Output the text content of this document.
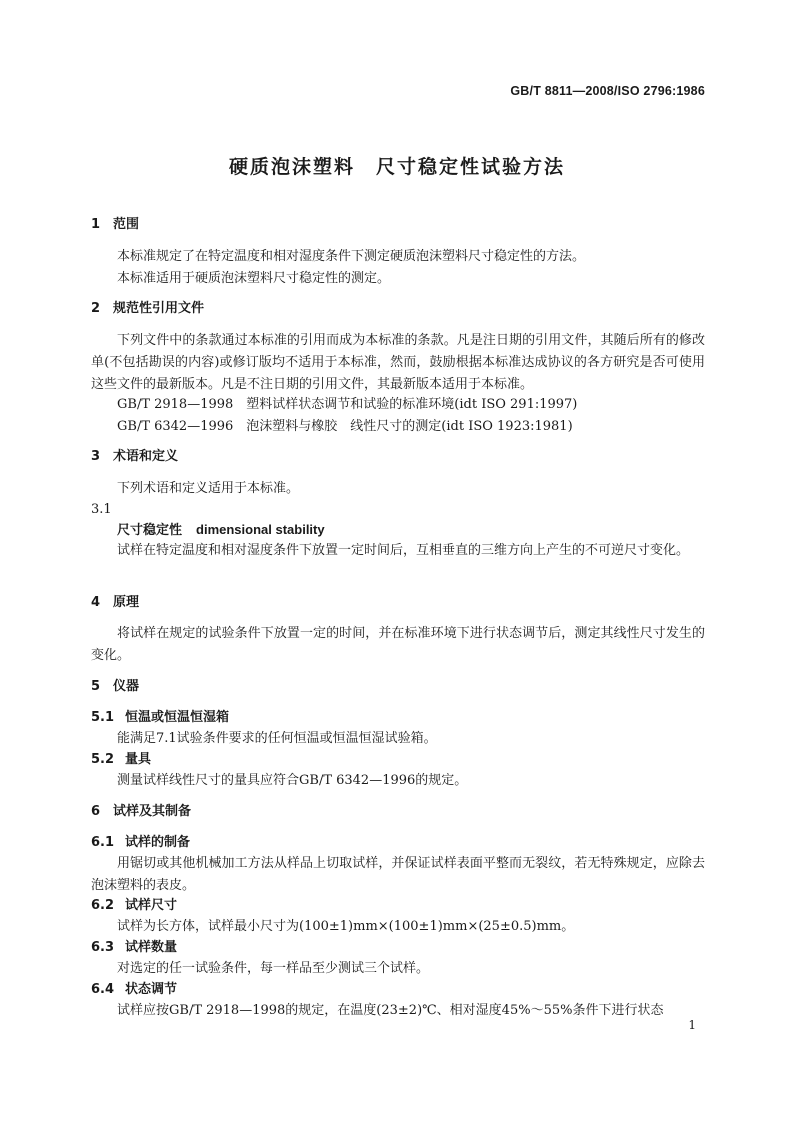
GB/T 8811—2008/ISO 2796:1986
硬质泡沫塑料　尺寸稳定性试验方法
1 范围
本标准规定了在特定温度和相对湿度条件下测定硬质泡沫塑料尺寸稳定性的方法。
本标准适用于硬质泡沫塑料尺寸稳定性的测定。
2 规范性引用文件
下列文件中的条款通过本标准的引用而成为本标准的条款。凡是注日期的引用文件，其随后所有的修改单(不包括勘误的内容)或修订版均不适用于本标准，然而，鼓励根据本标准达成协议的各方研究是否可使用这些文件的最新版本。凡是不注日期的引用文件，其最新版本适用于本标准。
GB/T 2918—1998　塑料试样状态调节和试验的标准环境(idt ISO 291:1997)
GB/T 6342—1996　泡沫塑料与橡胶　线性尺寸的测定(idt ISO 1923:1981)
3 术语和定义
下列术语和定义适用于本标准。
3.1
尺寸稳定性 dimensional stability
试样在特定温度和相对湿度条件下放置一定时间后，互相垂直的三维方向上产生的不可逆尺寸变化。
4 原理
将试样在规定的试验条件下放置一定的时间，并在标准环境下进行状态调节后，测定其线性尺寸发生的变化。
5 仪器
5.1 恒温或恒温恒湿箱
能满足7.1试验条件要求的任何恒温或恒温恒湿试验箱。
5.2 量具
测量试样线性尺寸的量具应符合GB/T 6342—1996的规定。
6 试样及其制备
6.1 试样的制备
用锯切或其他机械加工方法从样品上切取试样，并保证试样表面平整而无裂纹，若无特殊规定，应除去泡沫塑料的表皮。
6.2 试样尺寸
试样为长方体，试样最小尺寸为(100±1)mm×(100±1)mm×(25±0.5)mm。
6.3 试样数量
对选定的任一试验条件，每一样品至少测试三个试样。
6.4 状态调节
试样应按GB/T 2918—1998的规定，在温度(23±2)℃、相对湿度45%～55%条件下进行状态
1
